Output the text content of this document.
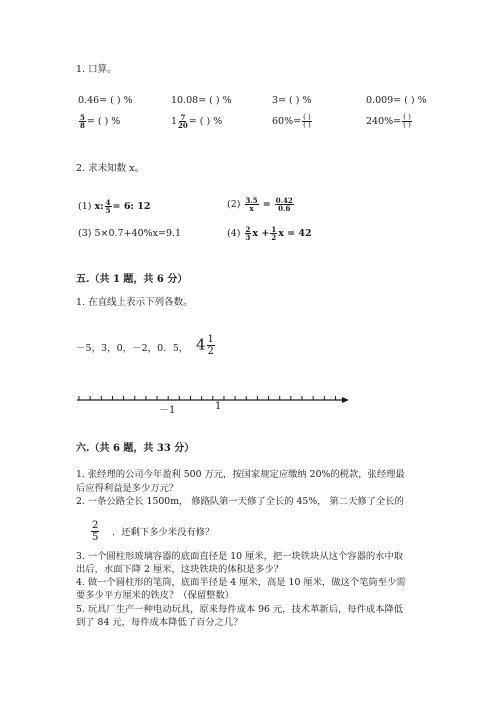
1. 口算。
0.46= ( ) %	10.08= ( ) %	3= ( ) %	0.009= ( ) %
$\frac{5}{8}$ = ( ) %	$1 \frac{7}{20}$ = ( ) %	$60\%= \frac{( )}{( )}$	$240\%= \frac{( )}{( )}$
2. 求未知数 x。
(1) x: $\frac{4}{5} = 6$: 12	$(2) \frac{3.5}{x} = \frac{0.42}{0.6}$
(3) 5×0.7+40%x=9.1	$(4) \frac{2}{3}$ $x + \frac{1}{2}$ x = 42
五.（共 1 题，共 6 分）
1. 在直线上表示下列各数。
－5，3，0，－2，0．5， $4 \frac{1}{2}$
－1	1
六.（共 6 题，共 33 分）
1. 张经理的公司今年盈利 500 万元，按国家规定应缴纳 20%的税款，张经理最
后应得利益是多少万元？
2. 一条公路全长 1500m， 修路队第一天修了全长的 45%， 第二天修了全长的
$\frac{2}{5}$ ．还剩下多少米没有修？
3. 一个圆柱形玻璃容器的底面直径是 10 厘米，把一块铁块从这个容器的水中取
出后，水面下降 2 厘米，这块铁块的体积是多少？
4. 做一个圆柱形的笔筒，底面半径是 4 厘米，高是 10 厘米，做这个笔筒至少需
要多少平方厘米的铁皮？（保留整数）
5. 玩具厂生产一种电动玩具，原来每件成本 96 元，技术革新后，每件成本降低
到了 84 元，每件成本降低了百分之几？
